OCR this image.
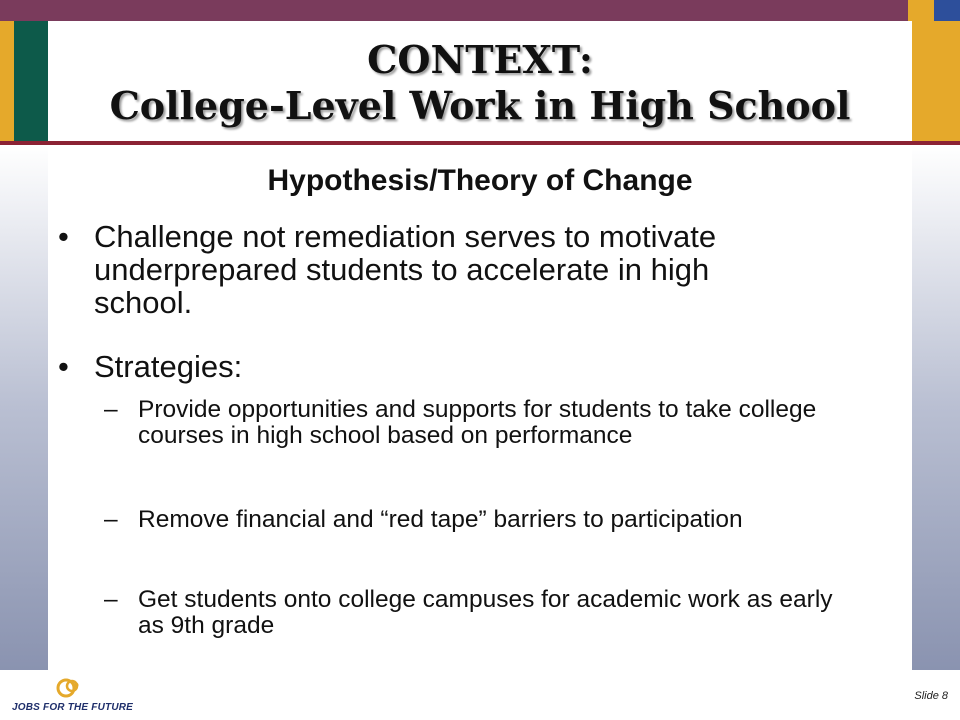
CONTEXT:
College-Level Work in High School
Hypothesis/Theory of Change
• Challenge not remediation serves to motivate underprepared students to accelerate in high school.
• Strategies:
– Provide opportunities and supports for students to take college courses in high school based on performance
– Remove financial and “red tape” barriers to participation
– Get students onto college campuses for academic work as early as 9th grade
JOBS FOR THE FUTURE
Slide 8
